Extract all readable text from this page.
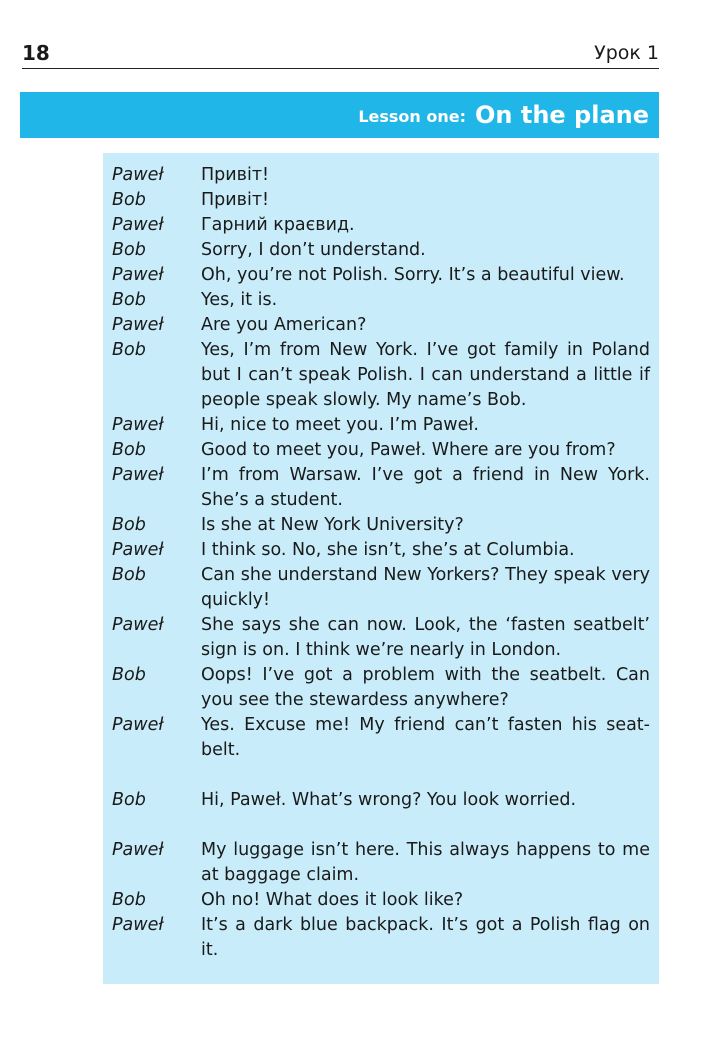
18	Урок 1
Lesson one: On the plane
Paweł	Привіт!
Bob	Привіт!
Paweł	Гарний краєвид.
Bob	Sorry, I don’t understand.
Paweł	Oh, you’re not Polish. Sorry. It’s a beautiful view.
Bob	Yes, it is.
Paweł	Are you American?
Bob	Yes, I’m from New York. I’ve got family in Poland but I can’t speak Polish. I can understand a little if people speak slowly. My name’s Bob.
Paweł	Hi, nice to meet you. I’m Paweł.
Bob	Good to meet you, Paweł. Where are you from?
Paweł	I’m from Warsaw. I’ve got a friend in New York. She’s a student.
Bob	Is she at New York University?
Paweł	I think so. No, she isn’t, she’s at Columbia.
Bob	Can she understand New Yorkers? They speak very quickly!
Paweł	She says she can now. Look, the ‘fasten seatbelt’ sign is on. I think we’re nearly in London.
Bob	Oops! I’ve got a problem with the seatbelt. Can you see the stewardess anywhere?
Paweł	Yes. Excuse me! My friend can’t fasten his seat-belt.
Bob	Hi, Paweł. What’s wrong? You look worried.
Paweł	My luggage isn’t here. This always happens to me at baggage claim.
Bob	Oh no! What does it look like?
Paweł	It’s a dark blue backpack. It’s got a Polish flag on it.
